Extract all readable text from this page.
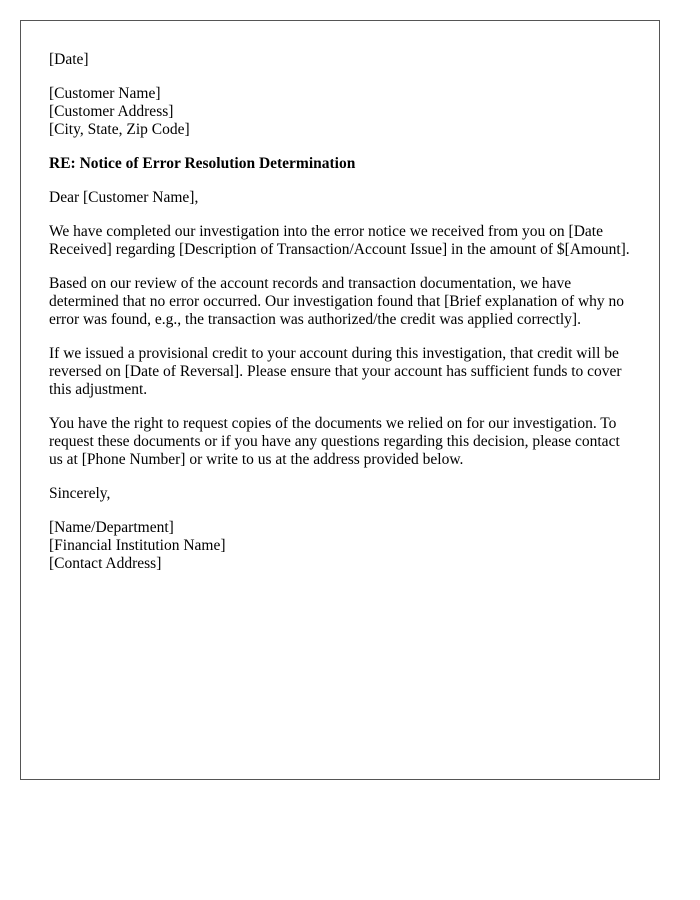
[Date]
[Customer Name]
[Customer Address]
[City, State, Zip Code]
RE: Notice of Error Resolution Determination
Dear [Customer Name],
We have completed our investigation into the error notice we received from you on [Date Received] regarding [Description of Transaction/Account Issue] in the amount of $[Amount].
Based on our review of the account records and transaction documentation, we have determined that no error occurred. Our investigation found that [Brief explanation of why no error was found, e.g., the transaction was authorized/the credit was applied correctly].
If we issued a provisional credit to your account during this investigation, that credit will be reversed on [Date of Reversal]. Please ensure that your account has sufficient funds to cover this adjustment.
You have the right to request copies of the documents we relied on for our investigation. To request these documents or if you have any questions regarding this decision, please contact us at [Phone Number] or write to us at the address provided below.
Sincerely,
[Name/Department]
[Financial Institution Name]
[Contact Address]
